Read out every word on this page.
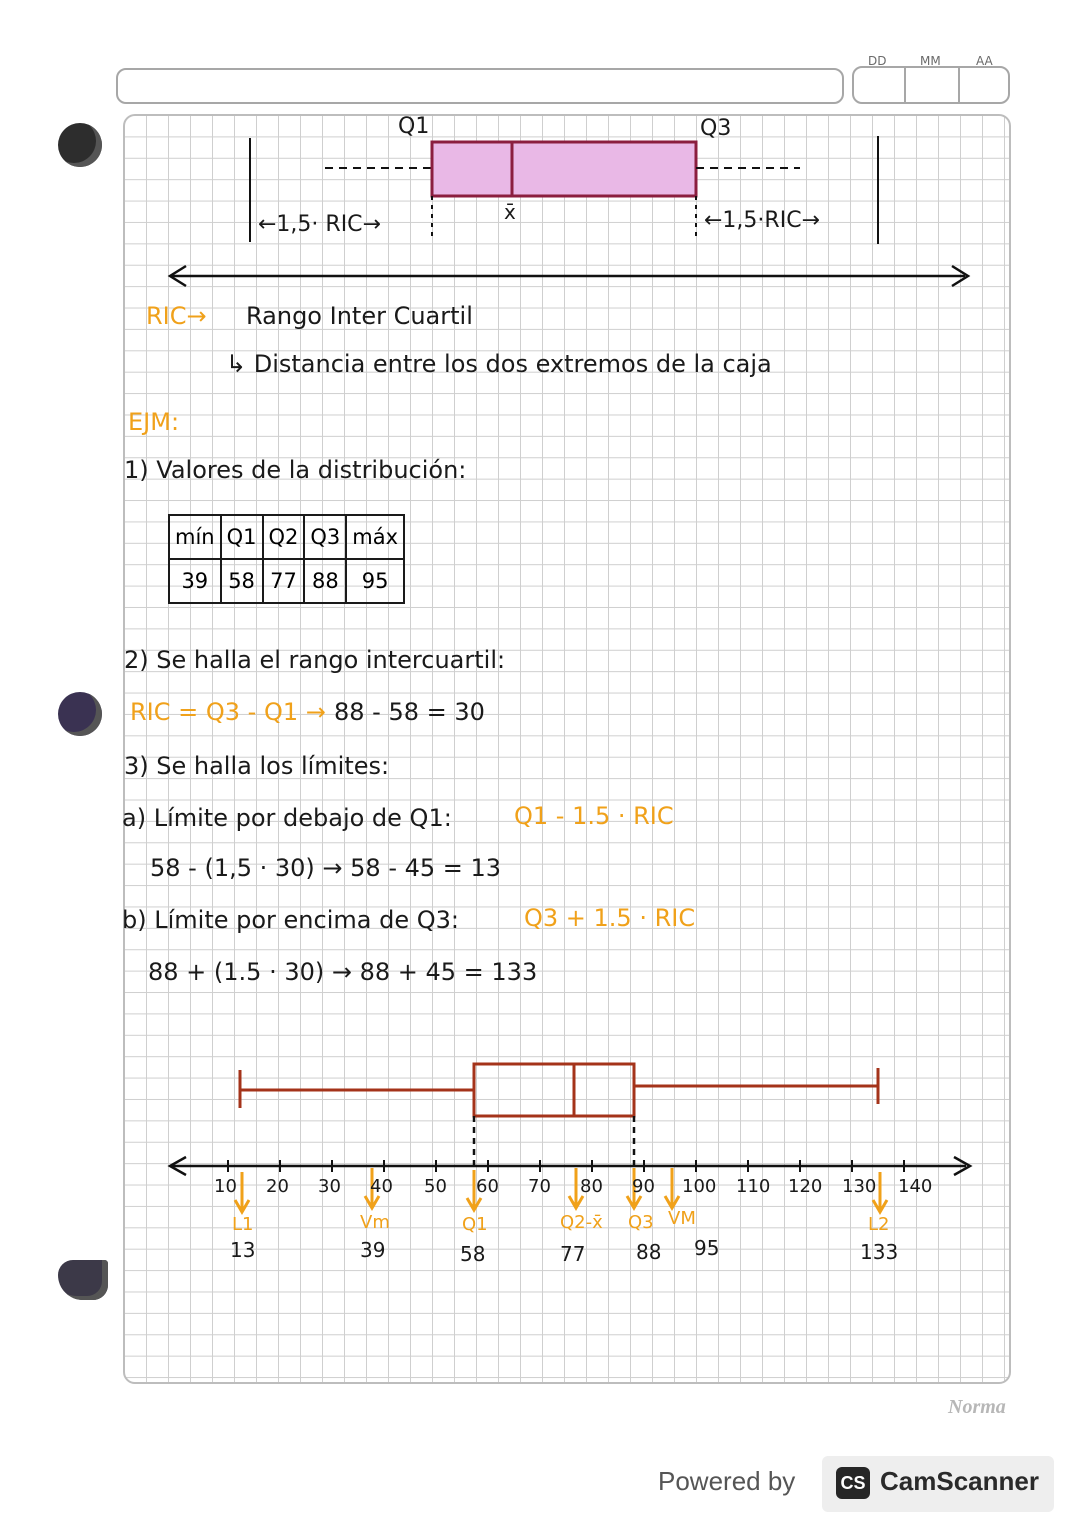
DD	MM	AA
Q1	Q3
x̄
←1,5· RIC→	←1,5·RIC→
RIC→ Rango Inter Cuartil
↳ Distancia entre los dos extremos de la caja
EJM:
1) Valores de la distribución:
mín	Q1	Q2	Q3	máx
39	58	77	88	95
2) Se halla el rango intercuartil:
RIC = Q3 - Q1 → 88 - 58 = 30
3) Se halla los límites:
a) Límite por debajo de Q1:	Q1 - 1.5 · RIC
58 - (1,5 · 30) → 58 - 45 = 13
b) Límite por encima de Q3:	Q3 + 1.5 · RIC
88 + (1.5 · 30) → 88 + 45 = 133
10 20 30 40 50 60 70 80 90 100 110 120 130 140
L1
13
Vm
39
Q1
58
Q2-x̄
77
Q3
88
VM
95
L2
133
Norma
Powered by	CS CamScanner
